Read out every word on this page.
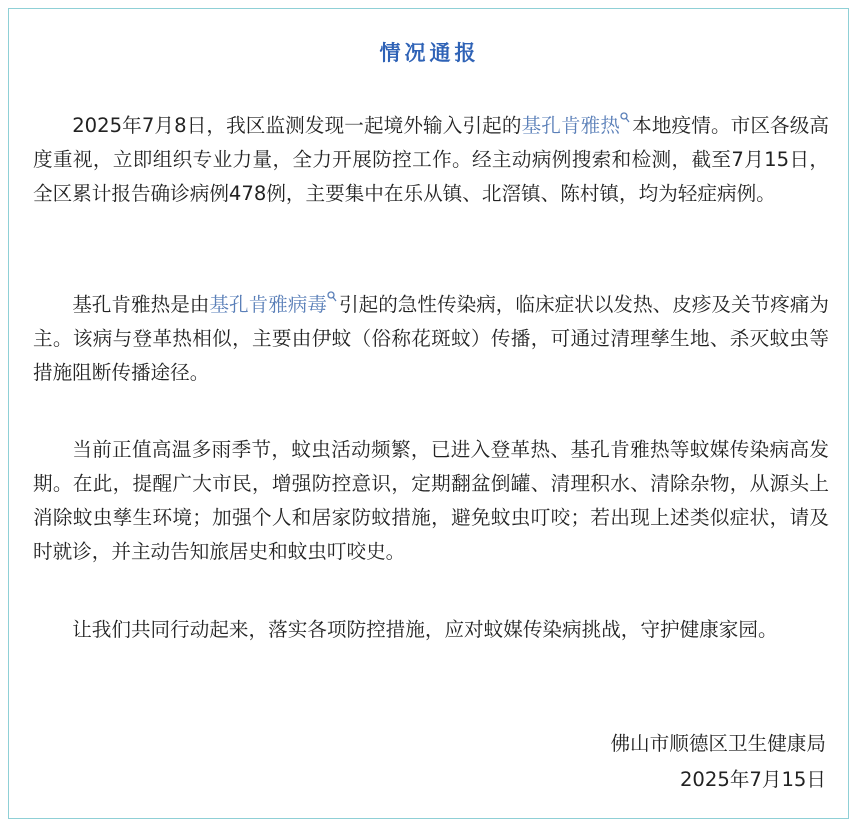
情况通报

2025年7月8日，我区监测发现一起境外输入引起的基孔肯雅热 本地疫情。市区各级高度重视，立即组织专业力量，全力开展防控工作。经主动病例搜索和检测，截至7月15日，全区累计报告确诊病例478例，主要集中在乐从镇、北滘镇、陈村镇，均为轻症病例。

基孔肯雅热是由基孔肯雅病毒 引起的急性传染病，临床症状以发热、皮疹及关节疼痛为主。该病与登革热相似，主要由伊蚊（俗称花斑蚊）传播，可通过清理孳生地、杀灭蚊虫等措施阻断传播途径。

当前正值高温多雨季节，蚊虫活动频繁，已进入登革热、基孔肯雅热等蚊媒传染病高发期。在此，提醒广大市民，增强防控意识，定期翻盆倒罐、清理积水、清除杂物，从源头上消除蚊虫孳生环境；加强个人和居家防蚊措施，避免蚊虫叮咬；若出现上述类似症状，请及时就诊，并主动告知旅居史和蚊虫叮咬史。

让我们共同行动起来，落实各项防控措施，应对蚊媒传染病挑战，守护健康家园。

佛山市顺德区卫生健康局
2025年7月15日
